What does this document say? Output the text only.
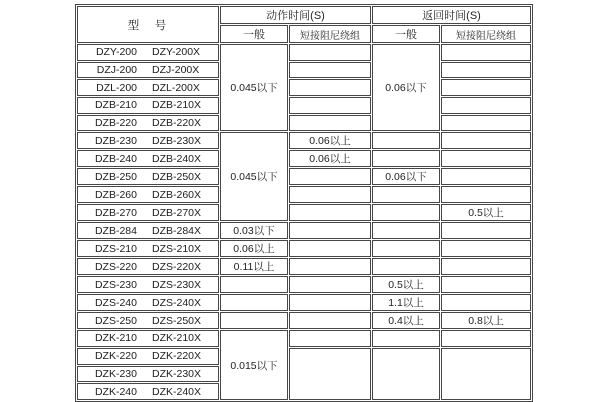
型　号	动作时间(S)		返回时间(S)	
	一般	短接阻尼绕组	一般	短接阻尼绕组

DZY-200 DZY-200X	0.045以下		0.06以下	

DZJ-200 DZJ-200X				

DZL-200 DZL-200X				

DZB-210 DZB-210X				

DZB-220 DZB-220X				

DZB-230 DZB-230X	0.045以下	0.06以上		

DZB-240 DZB-240X		0.06以上		

DZB-250 DZB-250X			0.06以下	

DZB-260 DZB-260X				

DZB-270 DZB-270X				0.5以上

DZB-284 DZB-284X	0.03以下			

DZS-210 DZS-210X	0.06以上			

DZS-220 DZS-220X	0.11以上			

DZS-230 DZS-230X			0.5以上	

DZS-240 DZS-240X			1.1以上	

DZS-250 DZS-250X			0.4以上	0.8以上

DZK-210 DZK-210X	0.015以下			

DZK-220 DZK-220X				

DZK-230 DZK-230X				

DZK-240 DZK-240X				
